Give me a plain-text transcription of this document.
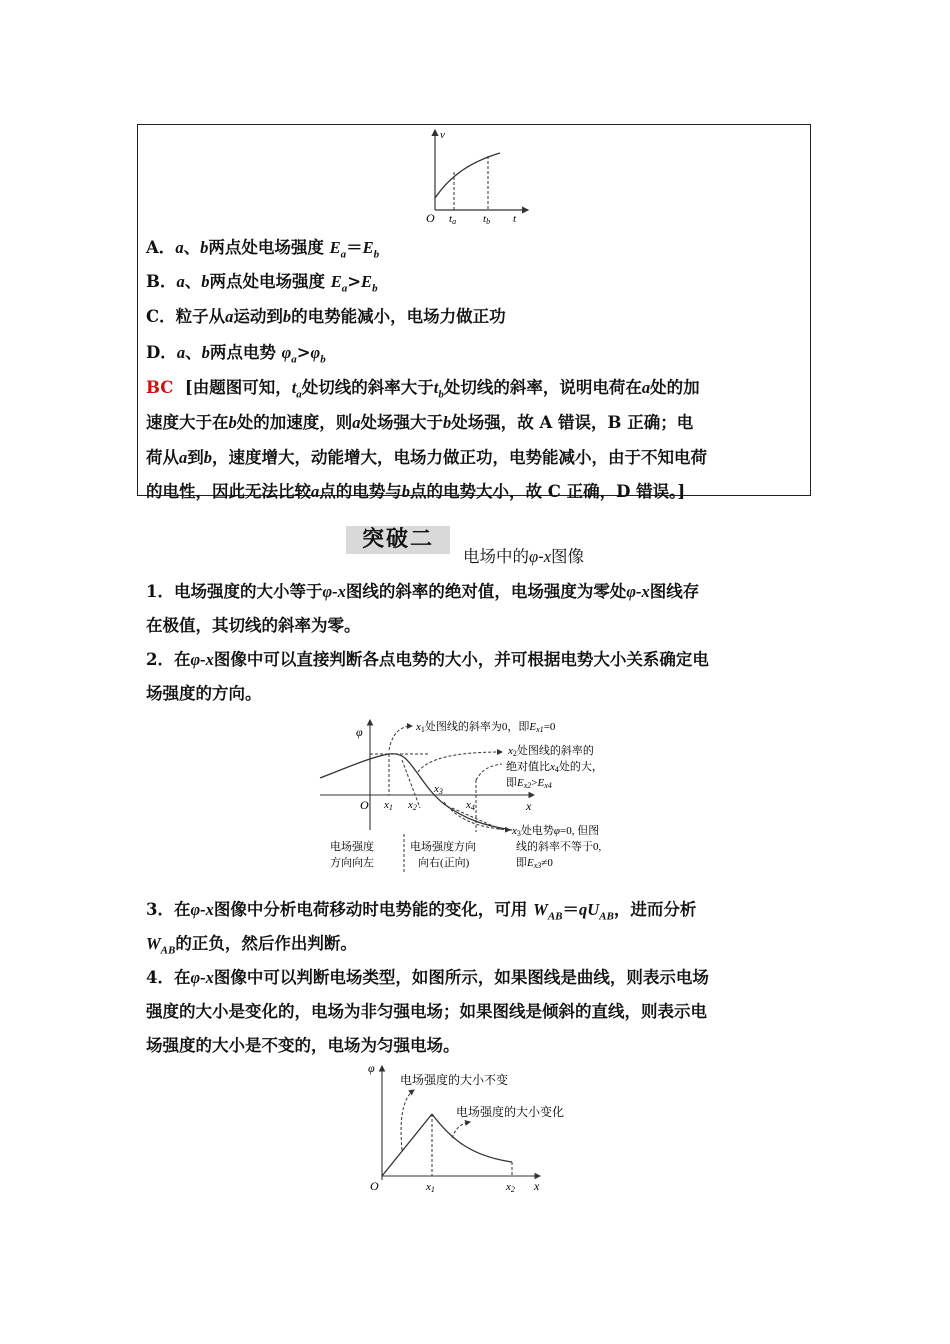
v
O ta tb t
A．a、b两点处电场强度 $E_a=E_b$
B．a、b两点处电场强度 $E_a>E_b$
C．粒子从a运动到b的电势能减小，电场力做正功
D．a、b两点电势 $\varphi_a>\varphi_b$
BC [由题图可知，$t_a$处切线的斜率大于$t_b$处切线的斜率，说明电荷在a处的加
速度大于在b处的加速度，则a处场强大于b处场强，故 A 错误，B 正确；电
荷从a到b，速度增大，动能增大，电场力做正功，电势能减小，由于不知电荷
的电性，因此无法比较a点的电势与b点的电势大小，故 C 正确，D 错误。]
突破二
电场中的φ-x图像
1．电场强度的大小等于φ-x图线的斜率的绝对值，电场强度为零处φ-x图线存
在极值，其切线的斜率为零。
2．在φ-x图像中可以直接判断各点电势的大小，并可根据电势大小关系确定电
场强度的方向。
φ
x
O x1 x2
x3
x4
x1处图线的斜率为0，即Ex1=0
x2处图线的斜率的
绝对值比x4处的大，
即Ex2>Ex4
x3处电势φ=0, 但图
线的斜率不等于0,
即Ex3≠0
电场强度
方向向左
电场强度方向
向右(正向)
3．在φ-x图像中分析电荷移动时电势能的变化，可用 $W_{AB}=qU_{AB}$，进而分析
$W_{AB}$的正负，然后作出判断。
4．在φ-x图像中可以判断电场类型，如图所示，如果图线是曲线，则表示电场
强度的大小是变化的，电场为非匀强电场；如果图线是倾斜的直线，则表示电
场强度的大小是不变的，电场为匀强电场。
φ
x
O	x1	x2
电场强度的大小不变
电场强度的大小变化
